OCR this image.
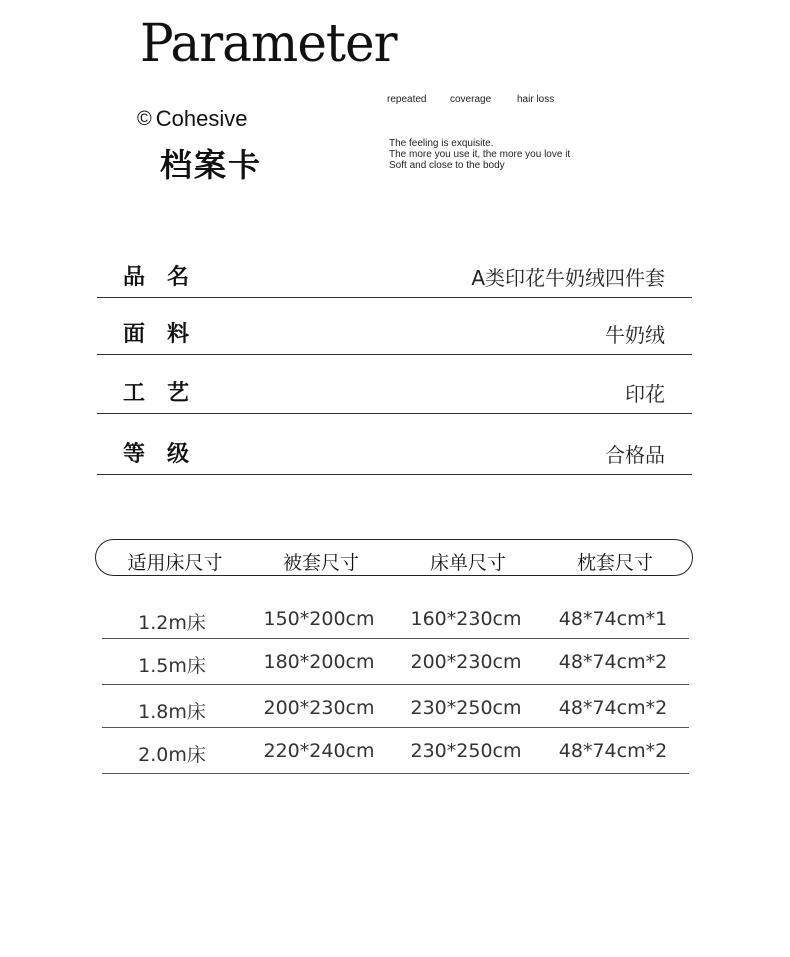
Parameter
© Cohesive
档案卡
repeated coverage	hair loss
The feeling is exquisite.
The more you use it, the more you love it
Soft and close to the body
品名	A类印花牛奶绒四件套
面料	牛奶绒
工艺	印花
等级	合格品
适用床尺寸	被套尺寸	床单尺寸	枕套尺寸
1.2m床	150*200cm 160*230cm 48*74cm*1
1.5m床	180*200cm 200*230cm 48*74cm*2
1.8m床	200*230cm 230*250cm 48*74cm*2
2.0m床	220*240cm 230*250cm 48*74cm*2
